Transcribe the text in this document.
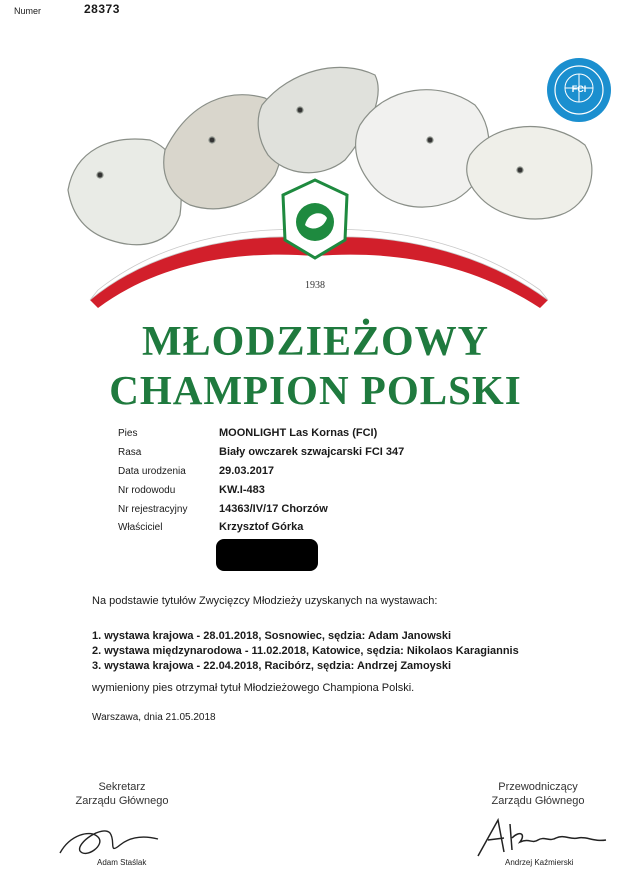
Numer	28373
FCI
1938
MŁODZIEŻOWY
CHAMPION POLSKI
Pies	MOONLIGHT Las Kornas (FCI)
Rasa	Biały owczarek szwajcarski FCI 347
Data urodzenia	29.03.2017
Nr rodowodu	KW.I-483
Nr rejestracyjny	14363/IV/17 Chorzów
Właściciel	Krzysztof Górka
Na podstawie tytułów Zwycięzcy Młodzieży uzyskanych na wystawach:
1. wystawa krajowa - 28.01.2018, Sosnowiec, sędzia: Adam Janowski
2. wystawa międzynarodowa - 11.02.2018, Katowice, sędzia: Nikolaos Karagiannis
3. wystawa krajowa - 22.04.2018, Racibórz, sędzia: Andrzej Zamoyski
wymieniony pies otrzymał tytuł Młodzieżowego Championa Polski.
Warszawa, dnia 21.05.2018
Sekretarz
Zarządu Głównego
Przewodniczący
Zarządu Głównego
Adam Staślak	Andrzej Kaźmierski
